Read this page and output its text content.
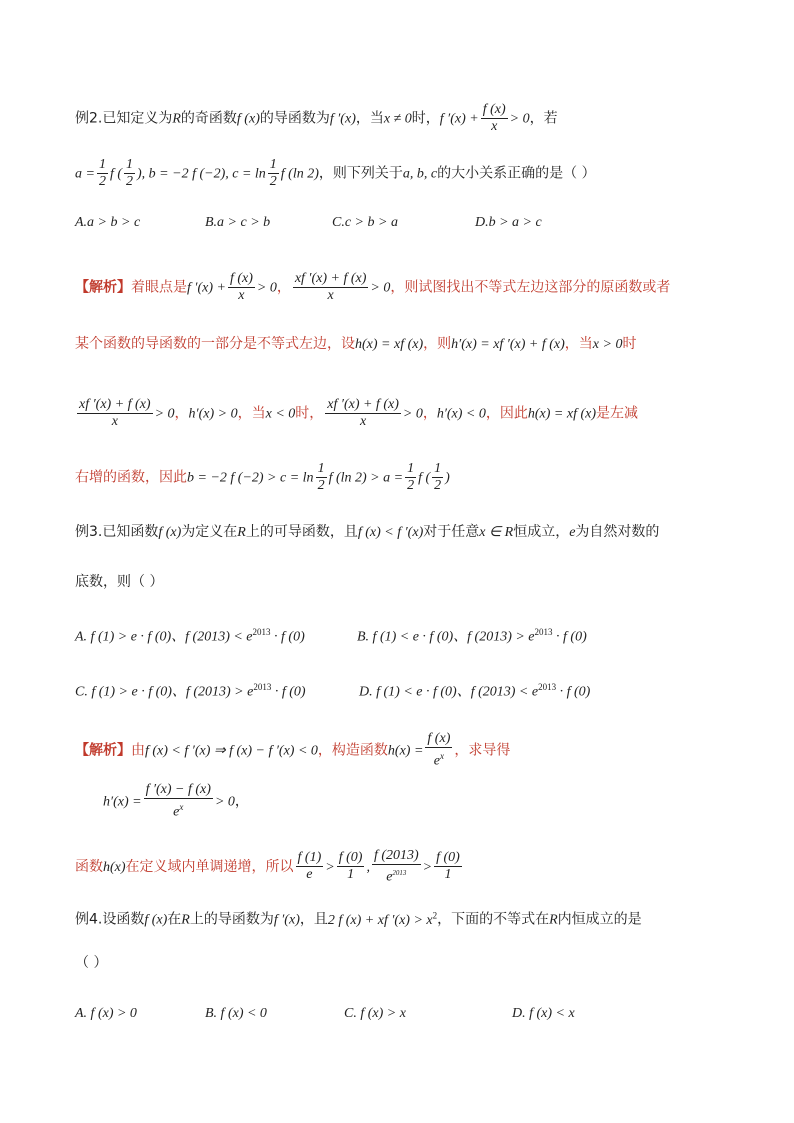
例2.已知定义为R的奇函数f (x)的导函数为f ′(x)，当x ≠ 0时，f $'(x) + \frac{f (x)}{x} > 0$，若
$a = \frac{1}{2}$ f ( $\frac{1}{2}$ ), b = −2 f (−2), $c = \ln \frac{1}{2}$ f (ln 2)，则下列关于a, b, c的大小关系正确的是（ ）
A.a > b > c	B.a > c > b	C.c > b > a	D.b > a > c
【解析】着眼点是f $'(x) + \frac{f (x)}{x} > 0$， $\frac{xf '(x) + f (x)}{x} > 0$，则试图找出不等式左边这部分的原函数或者
某个函数的导函数的一部分是不等式左边，设h(x) = xf (x)，则h′(x) = xf ′(x) + f (x)，当x > 0时
$\frac{xf '(x) + f (x)}{x} > 0$，h′(x) > 0，当x < 0时， $\frac{xf '(x) + f (x)}{x} > 0$，h′(x) < 0，因此h(x) = xf (x)是左减
右增的函数，因此b = −2 f $(-2) > c = \ln \frac{1}{2}$ f (ln $2) > a = \frac{1}{2}$ f ( $\frac{1}{2}$ )
例3.已知函数f (x)为定义在R上的可导函数，且f (x) < f ′(x)对于任意x ∈ R恒成立，e为自然对数的
底数，则（ ）
A. f (1) > e · f (0)、f $(2013) < e^{2013} \cdot f$ (0)	B. f (1) < e · f (0)、f $(2013) > e^{2013} \cdot f$ (0)
C. f (1) > e · f (0)、f $(2013) > e^{2013} \cdot f$ (0)	D. f (1) < e · f (0)、f $(2013) < e^{2013} \cdot f$ (0)
【解析】由f (x) < f ′(x) ⇒ f (x) − f ′(x) < 0，构造函数$h(x) = \frac{f (x)}{e^x}$ ，求导得
$h'(x) = \frac{f '(x) - f (x)}{e^x} > 0$，
函数h(x)在定义域内单调递增，所以 $\frac{f (1)}{e} > \frac{f (0)}{1}$ , $\frac{f (2013)}{e^{2013}} > \frac{f (0)}{1}$
例4.设函数f (x)在R上的导函数为f ′(x)，且2 f (x) + xf $'(x) > x^2$，下面的不等式在R内恒成立的是
（ ）
A. f (x) > 0	B. f (x) < 0	C. f (x) > x	D. f (x) < x
